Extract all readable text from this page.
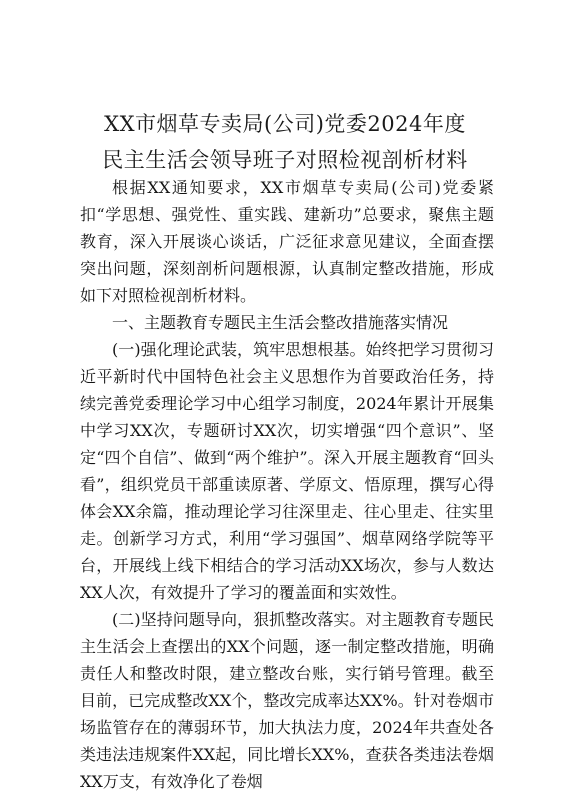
XX市烟草专卖局(公司)党委2024年度
民主生活会领导班子对照检视剖析材料

根据XX通知要求，XX市烟草专卖局(公司)党委紧扣“学思想、强党性、重实践、建新功”总要求，聚焦主题教育，深入开展谈心谈话，广泛征求意见建议，全面查摆突出问题，深刻剖析问题根源，认真制定整改措施，形成如下对照检视剖析材料。

一、主题教育专题民主生活会整改措施落实情况

(一)强化理论武装，筑牢思想根基。始终把学习贯彻习近平新时代中国特色社会主义思想作为首要政治任务，持续完善党委理论学习中心组学习制度，2024年累计开展集中学习XX次，专题研讨XX次，切实增强“四个意识”、坚定“四个自信”、做到“两个维护”。深入开展主题教育“回头看”，组织党员干部重读原著、学原文、悟原理，撰写心得体会XX余篇，推动理论学习往深里走、往心里走、往实里走。创新学习方式，利用“学习强国”、烟草网络学院等平台，开展线上线下相结合的学习活动XX场次，参与人数达XX人次，有效提升了学习的覆盖面和实效性。

(二)坚持问题导向，狠抓整改落实。对主题教育专题民主生活会上查摆出的XX个问题，逐一制定整改措施，明确责任人和整改时限，建立整改台账，实行销号管理。截至目前，已完成整改XX个，整改完成率达XX%。针对卷烟市场监管存在的薄弱环节，加大执法力度，2024年共查处各类违法违规案件XX起，同比增长XX%，查获各类违法卷烟XX万支，有效净化了卷烟
